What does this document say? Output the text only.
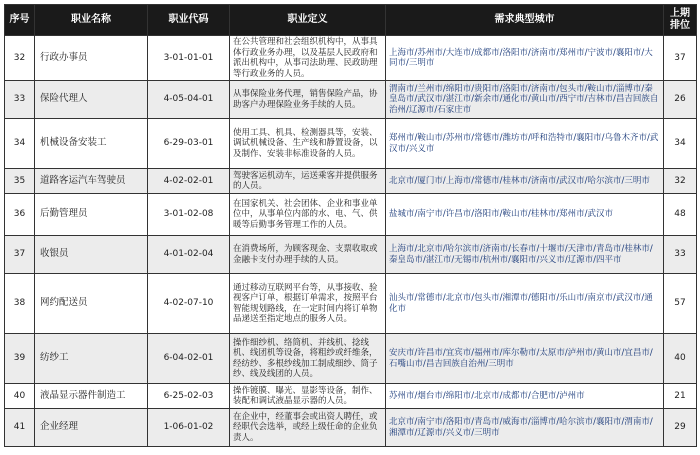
序号	职业名称	职业代码	职业定义	需求典型城市	上期排位
32	行政办事员	3-01-01-01	在公共管理和社会组织机构中，从事具体行政业务办理，以及基层人民政府和派出机构中，从事司法助理、民政助理等行政业务的人员。	上海市/苏州市/大连市/成都市/洛阳市/济南市/郑州市/宁波市/襄阳市/大同市/三明市	37
33	保险代理人	4-05-04-01	从事保险业务代理，销售保险产品，协助客户办理保险业务手续的人员。	渭南市/兰州市/绵阳市/贵阳市/洛阳市/济南市/包头市/鞍山市/淄博市/秦皇岛市/武汉市/湛江市/新余市/通化市/黄山市/西宁市/吉林市/昌吉回族自治州/辽源市/石家庄市	26
34	机械设备安装工	6-29-03-01	使用工具、机具、检测器具等，安装、调试机械设备、生产线和静置设备，以及制作、安装非标准设备的人员。	郑州市/鞍山市/苏州市/常德市/潍坊市/呼和浩特市/襄阳市/乌鲁木齐市/武汉市/兴义市	34
35	道路客运汽车驾驶员	4-02-02-01	驾驶客运机动车，运送乘客并提供服务的人员。	北京市/厦门市/上海市/常德市/桂林市/济南市/武汉市/哈尔滨市/三明市	32
36	后勤管理员	3-01-02-08	在国家机关、社会团体、企业和事业单位中，从事单位内部的水、电、气、供暖等后勤事务管理工作的人员。	盐城市/南宁市/许昌市/洛阳市/鞍山市/桂林市/郑州市/武汉市	48
37	收银员	4-01-02-04	在消费场所，为顾客现金、支票收取或金融卡支付办理手续的人员。	上海市/北京市/哈尔滨市/济南市/长春市/十堰市/天津市/青岛市/桂林市/秦皇岛市/湛江市/无锡市/杭州市/襄阳市/兴义市/辽源市/四平市	33
38	网约配送员	4-02-07-10	通过移动互联网平台等，从事接收、验视客户订单，根据订单需求，按照平台智能规划路线，在一定时间内将订单物品递送至指定地点的服务人员。	汕头市/常德市/北京市/包头市/湘潭市/德阳市/乐山市/南京市/武汉市/通化市	57
39	纺纱工	6-04-02-01	操作细纱机、络筒机、并线机、捻线机、线团机等设备，将粗纱或纤维条，经纺纱、多根纱线加工制成细纱、筒子纱、线及线团的人员。	安庆市/许昌市/宜宾市/福州市/库尔勒市/太原市/泸州市/黄山市/宜昌市/石嘴山市/昌吉回族自治州/三明市	40
40	液晶显示器件制造工	6-25-02-03	操作镀膜、曝光、显影等设备，制作、装配和调试液晶显示器的人员。	苏州市/烟台市/绵阳市/北京市/成都市/合肥市/泸州市	21
41	企业经理	1-06-01-02	在企业中，经董事会或出资人聘任，或经职代会选举，或经上级任命的企业负责人。	北京市/南宁市/洛阳市/青岛市/威海市/淄博市/哈尔滨市/襄阳市/渭南市/湘潭市/辽源市/兴义市/三明市	29
